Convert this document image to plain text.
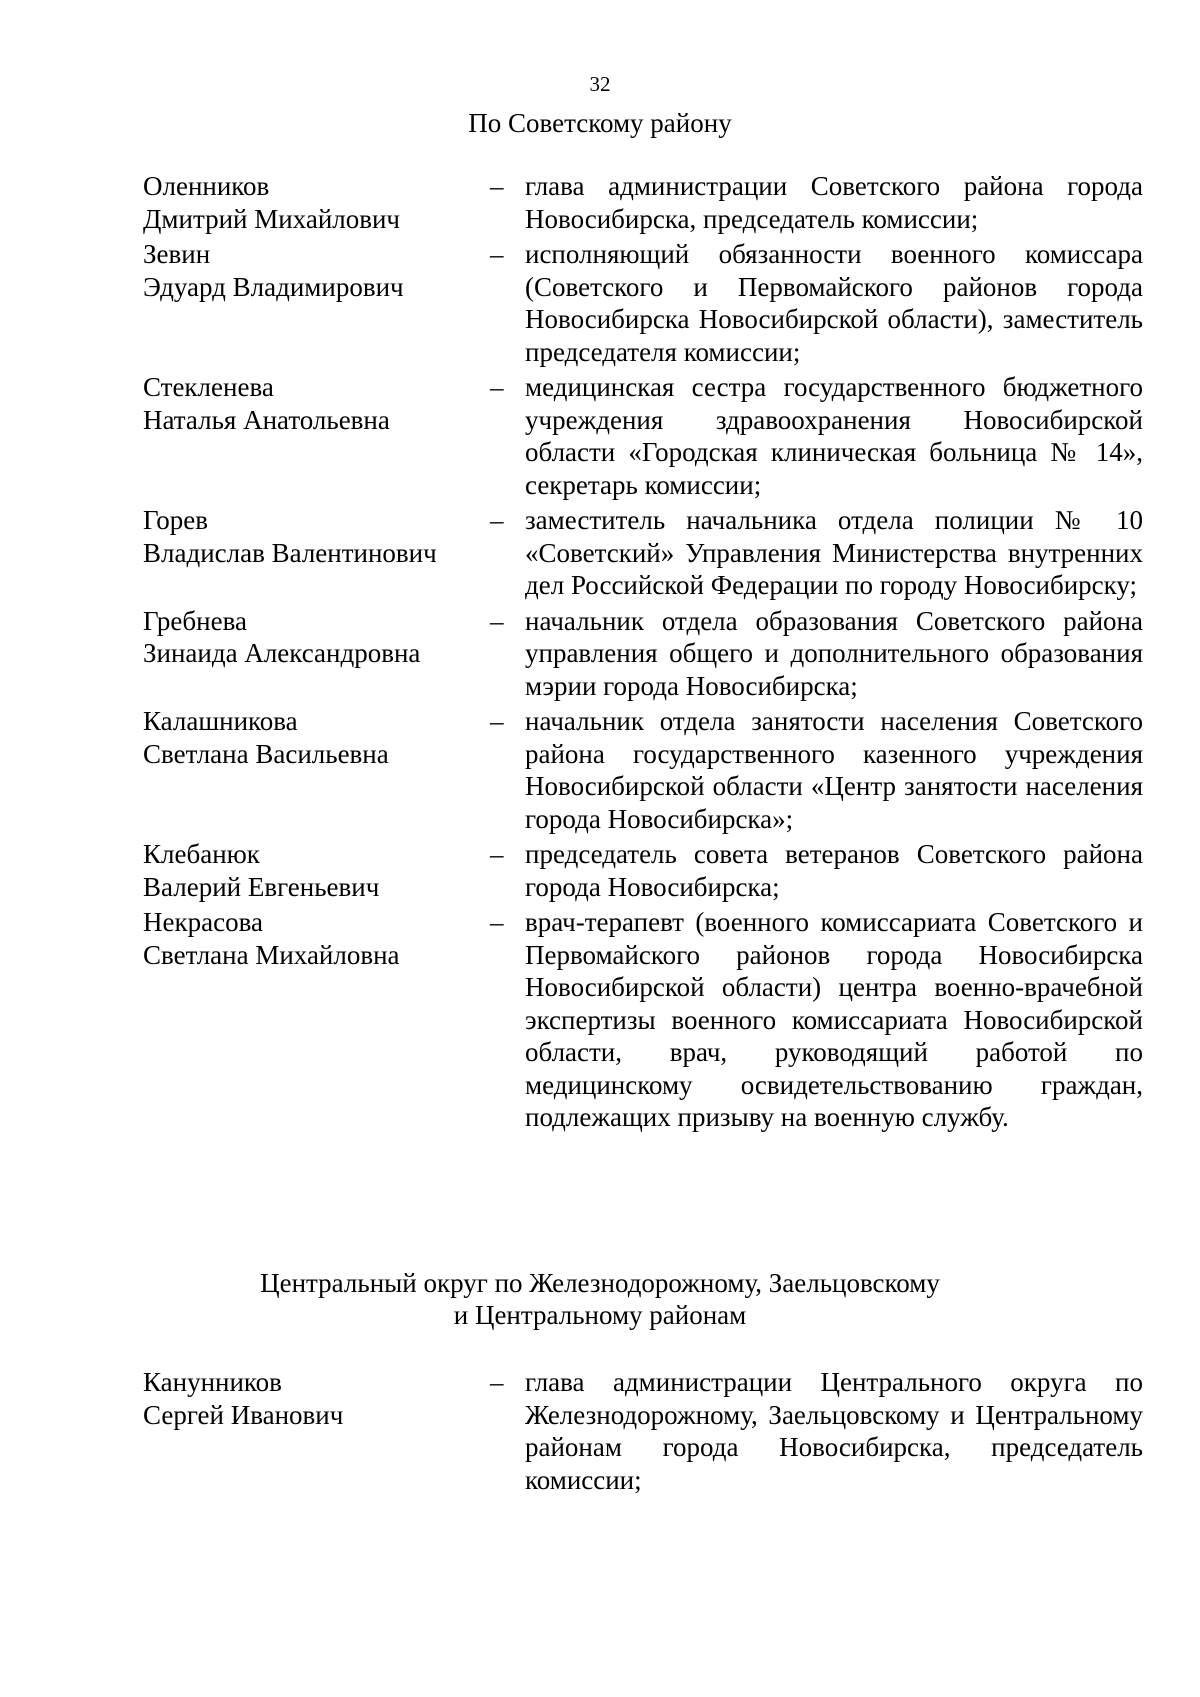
32
По Советскому району
Оленников
Дмитрий Михайлович
– глава администрации Советского района города Новосибирска, председатель комиссии;
Зевин
Эдуард Владимирович
– исполняющий обязанности военного комиссара (Советского и Первомайского районов города Новосибирска Новосибирской области), заместитель председателя комиссии;
Стекленева
Наталья Анатольевна
– медицинская сестра государственного бюджетного учреждения здравоохранения Новосибирской области «Городская клиническая больница № 14», секретарь комиссии;
Горев
Владислав Валентинович
– заместитель начальника отдела полиции № 10 «Советский» Управления Министерства внутренних дел Российской Федерации по городу Новосибирску;
Гребнева
Зинаида Александровна
– начальник отдела образования Советского района управления общего и дополнительного образования мэрии города Новосибирска;
Калашникова
Светлана Васильевна
– начальник отдела занятости населения Советского района государственного казенного учреждения Новосибирской области «Центр занятости населения города Новосибирска»;
Клебанюк
Валерий Евгеньевич
– председатель совета ветеранов Советского района города Новосибирска;
Некрасова
Светлана Михайловна
– врач-терапевт (военного комиссариата Советского и Первомайского районов города Новосибирска Новосибирской области) центра военно-врачебной экспертизы военного комиссариата Новосибирской области, врач, руководящий работой по медицинскому освидетельствованию граждан, подлежащих призыву на военную службу.
Центральный округ по Железнодорожному, Заельцовскому
и Центральному районам
Канунников
Сергей Иванович
– глава администрации Центрального округа по Железнодорожному, Заельцовскому и Центральному районам города Новосибирска, председатель комиссии;
